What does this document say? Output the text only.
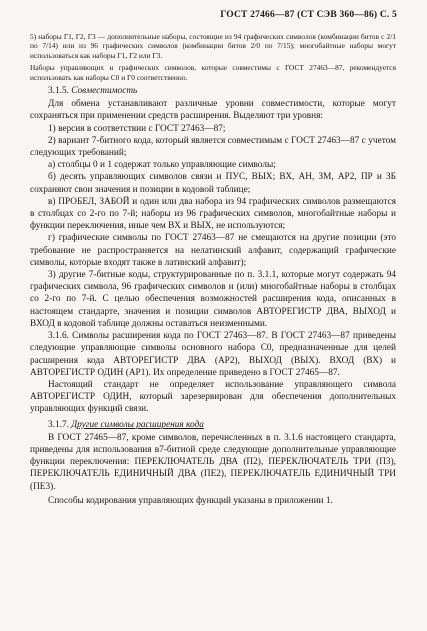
ГОСТ 27466—87 (СТ СЭВ 360—86) С. 5

5) наборы Г1, Г2, Г3 — дополнительные наборы, состоящие из 94 графических символов (комбинации битов с 2/1 по 7/14) или из 96 графических символов (комбинации битов 2/0 по 7/15); многобайтные наборы могут использоваться как наборы Г1, Г2 или Г3.

Наборы управляющих и графических символов, которые совместимы с ГОСТ 27463—87, рекомендуется использовать как наборы С0 и Г0 соответственно.

3.1.5. Совместимость

Для обмена устанавливают различные уровни совместимости, которые могут сохраняться при применении средств расширения. Выделяют три уровня:

1) версия в соответствии с ГОСТ 27463—87;

2) вариант 7-битного кода, который является совместимым с ГОСТ 27463—87 с учетом следующих требований;

а) столбцы 0 и 1 содержат только управляющие символы;

б) десять управляющих символов связи и ПУС, ВЫХ; ВХ, АН, ЗМ, АР2, ПР и ЗБ сохраняют свои значения и позиции в кодовой таблице;

в) ПРОБЕЛ, ЗАБОЙ и один или два набора из 94 графических символов размещаются в столбцах со 2-го по 7-й; наборы из 96 графических символов, многобайтные наборы и функции переключения, иные чем ВХ и ВЫХ, не используются;

г) графические символы по ГОСТ 27463—87 не смещаются на другие позиции (это требование не распространяется на нелатинский алфавит, содержащий графические символы, которые входят также в латинский алфавит);

3) другие 7-битные коды, структурированные по п. 3.1.1, которые могут содержать 94 графических символа, 96 графических символов и (или) многобайтные наборы в столбцах со 2-го по 7-й. С целью обеспечения возможностей расширения кода, описанных в настоящем стандарте, значения и позиции символов АВТОРЕГИСТР ДВА, ВЫХОД и ВХОД в кодовой таблице должны оставаться неизменными.

3.1.6. Символы расширения кода по ГОСТ 27463—87. В ГОСТ 27463—87 приведены следующие управляющие символы основного набора С0, предназначенные для целей расширения кода АВТОРЕГИСТР ДВА (АР2), ВЫХОД (ВЫХ). ВХОД (ВХ) и АВТОРЕГИСТР ОДИН (АР1). Их определение приведено в ГОСТ 27465—87.

Настоящий стандарт не определяет использование управляющего символа АВТОРЕГИСТР ОДИН, который зарезервирован для обеспечения дополнительных управляющих функций связи.

3.1.7. Другие символы расширения кода

В ГОСТ 27465—87, кроме символов, перечисленных в п. 3.1.6 настоящего стандарта, приведены для использования в7-битной среде следующие дополнительные управляющие функции переключения: ПЕРЕКЛЮЧАТЕЛЬ ДВА (П2), ПЕРЕКЛЮЧАТЕЛЬ ТРИ (П3), ПЕРЕКЛЮЧАТЕЛЬ ЕДИНИЧНЫЙ ДВА (ПЕ2), ПЕРЕКЛЮЧАТЕЛЬ ЕДИНИЧНЫЙ ТРИ (ПЕ3).

Способы кодирования управляющих функций указаны в приложении 1.
